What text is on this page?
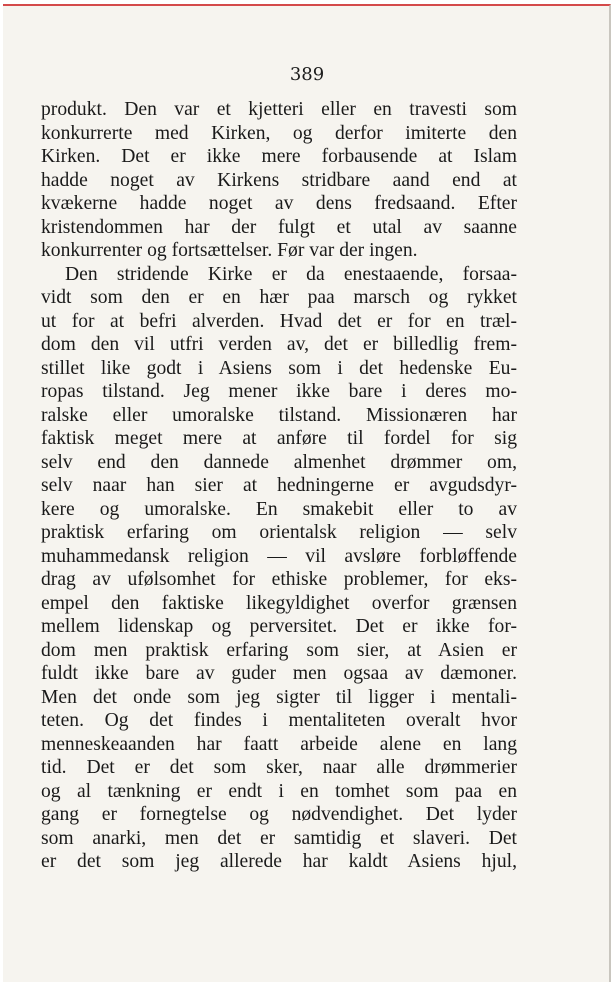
389
produkt. Den var et kjetteri eller en travesti som
konkurrerte med Kirken, og derfor imiterte den
Kirken. Det er ikke mere forbausende at Islam
hadde noget av Kirkens stridbare aand end at
kvækerne hadde noget av dens fredsaand. Efter
kristendommen har der fulgt et utal av saanne
konkurrenter og fortsættelser. Før var der ingen.
Den stridende Kirke er da enestaaende, forsaa-
vidt som den er en hær paa marsch og rykket
ut for at befri alverden. Hvad det er for en træl-
dom den vil utfri verden av, det er billedlig frem-
stillet like godt i Asiens som i det hedenske Eu-
ropas tilstand. Jeg mener ikke bare i deres mo-
ralske eller umoralske tilstand. Missionæren har
faktisk meget mere at anføre til fordel for sig
selv end den dannede almenhet drømmer om,
selv naar han sier at hedningerne er avgudsdyr-
kere og umoralske. En smakebit eller to av
praktisk erfaring om orientalsk religion — selv
muhammedansk religion — vil avsløre forbløffende
drag av ufølsomhet for ethiske problemer, for eks-
empel den faktiske likegyldighet overfor grænsen
mellem lidenskap og perversitet. Det er ikke for-
dom men praktisk erfaring som sier, at Asien er
fuldt ikke bare av guder men ogsaa av dæmoner.
Men det onde som jeg sigter til ligger i mentali-
teten. Og det findes i mentaliteten overalt hvor
menneskeaanden har faatt arbeide alene en lang
tid. Det er det som sker, naar alle drømmerier
og al tænkning er endt i en tomhet som paa en
gang er fornegtelse og nødvendighet. Det lyder
som anarki, men det er samtidig et slaveri. Det
er det som jeg allerede har kaldt Asiens hjul,
